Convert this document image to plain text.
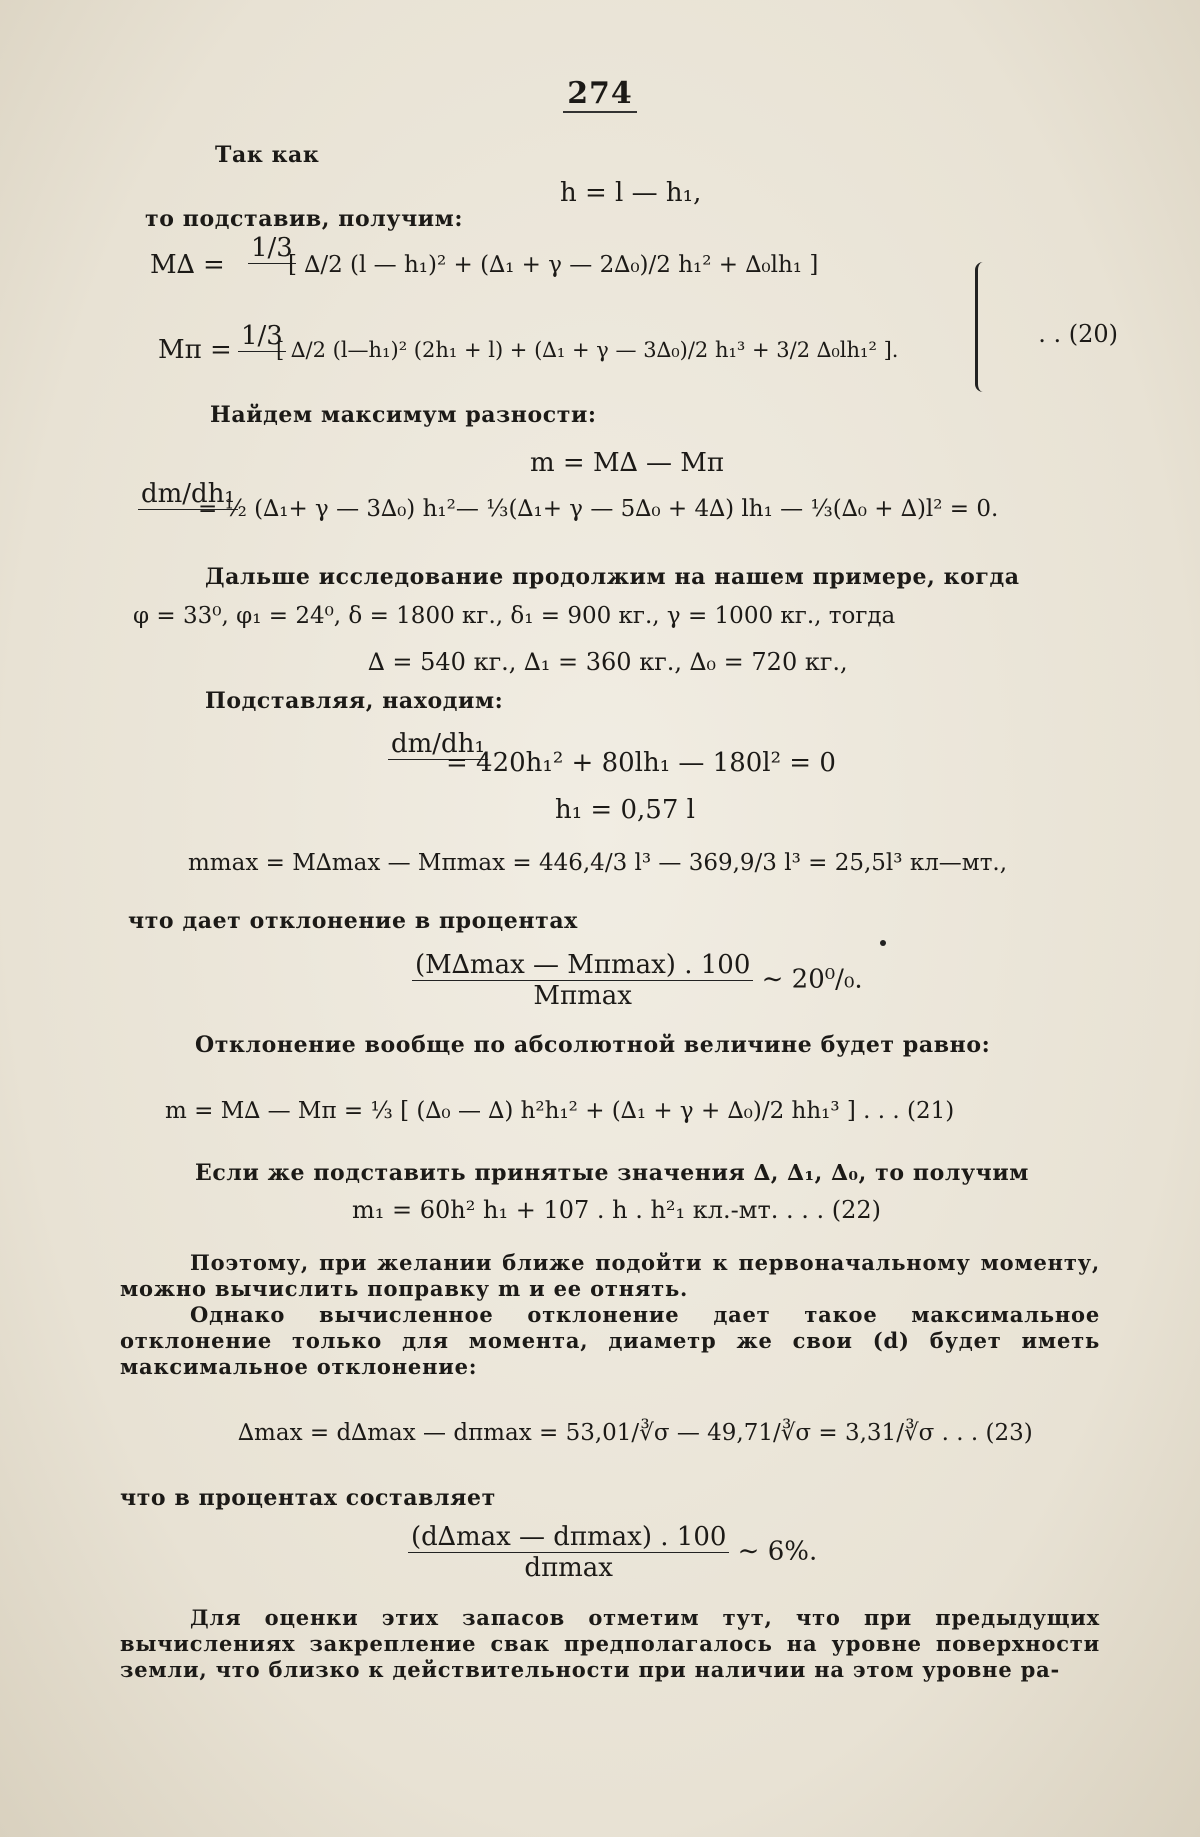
274
Так как
h = l — h₁,
то подставив, получим:
M∆ =
1/3
[ ∆/2 (l — h₁)² + (∆₁ + γ — 2∆₀)/2 h₁² + ∆₀lh₁ ]
Mπ = 1/3
[ ∆/2 (l—h₁)² (2h₁ + l) + (∆₁ + γ — 3∆₀)/2 h₁³ + 3/2 ∆₀lh₁² ].
. . (20)
Найдем максимум разности:
m = M∆ — Mπ
dm/dh₁
= ½ (∆₁+ γ — 3∆₀) h₁²— ⅓(∆₁+ γ — 5∆₀ + 4∆) lh₁ — ⅓(∆₀ + ∆)l² = 0.
Дальше исследование продолжим на нашем примере, когда
φ = 33⁰, φ₁ = 24⁰, δ = 1800 кг., δ₁ = 900 кг., γ = 1000 кг., тогда
∆ = 540 кг., ∆₁ = 360 кг., ∆₀ = 720 кг.,
Подставляя, находим:
dm/dh₁
= 420h₁² + 80lh₁ — 180l² = 0
h₁ = 0,57 l
mmax = M∆max — Mπmax = 446,4/3 l³ — 369,9/3 l³ = 25,5l³ кл—мт.,
что дает отклонение в процентах
$\frac{(M\Delta\max — M\pi\max) . 100}{M\pi\max}$ ∼ 20⁰/₀.
Отклонение вообще по абсолютной величине будет равно:
m = M∆ — Mπ = ⅓ [ (∆₀ — ∆) h²h₁² + (∆₁ + γ + ∆₀)/2 hh₁³ ] . . . (21)
Если же подставить принятые значения ∆, ∆₁, ∆₀, то получим
m₁ = 60h² h₁ + 107 . h . h²₁ кл.-мт. . . . (22)
Поэтому, при желании ближе подойти к первоначальному моменту, можно вычислить поправку m и ее отнять.
Однако вычисленное отклонение дает такое максимальное отклонение только для момента, диаметр же свои (d) будет иметь максимальное отклонение:
∆max = d∆max — dπmax = 53,01/∛σ — 49,71/∛σ = 3,31/∛σ . . . (23)
что в процентах составляет
$\frac{(d\Delta\max — d\pi\max) . 100}{d\pi\max}$ ∼ 6%.
Для оценки этих запасов отметим тут, что при предыдущих вычислениях закрепление свак предполагалось на уровне поверхности земли, что близко к действительности при наличии на этом уровне ра-
